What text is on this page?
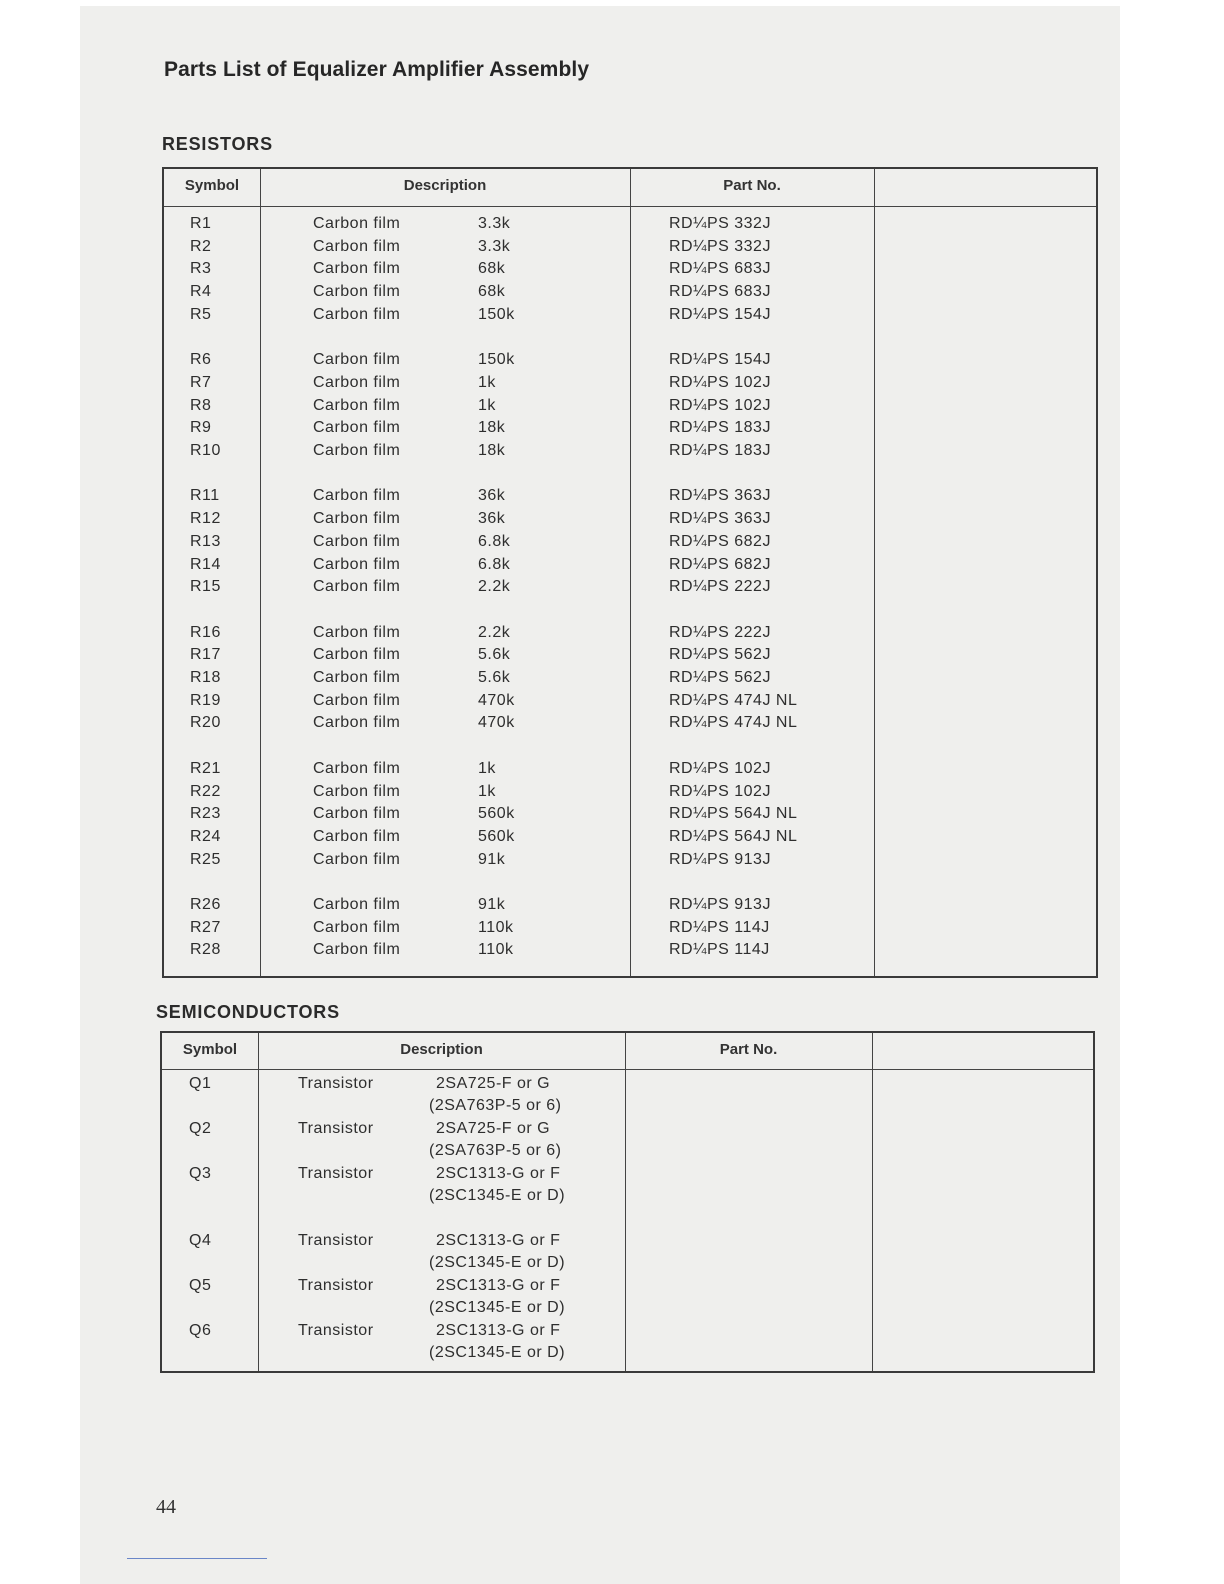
Parts List of Equalizer Amplifier Assembly
RESISTORS
Symbol	Description	Part No.
R1	Carbon film	3.3k	RD¼PS 332J
R2	Carbon film	3.3k	RD¼PS 332J
R3	Carbon film	68k	RD¼PS 683J
R4	Carbon film	68k	RD¼PS 683J
R5	Carbon film	150k	RD¼PS 154J
R6	Carbon film	150k	RD¼PS 154J
R7	Carbon film	1k	RD¼PS 102J
R8	Carbon film	1k	RD¼PS 102J
R9	Carbon film	18k	RD¼PS 183J
R10	Carbon film	18k	RD¼PS 183J
R11	Carbon film	36k	RD¼PS 363J
R12	Carbon film	36k	RD¼PS 363J
R13	Carbon film	6.8k	RD¼PS 682J
R14	Carbon film	6.8k	RD¼PS 682J
R15	Carbon film	2.2k	RD¼PS 222J
R16	Carbon film	2.2k	RD¼PS 222J
R17	Carbon film	5.6k	RD¼PS 562J
R18	Carbon film	5.6k	RD¼PS 562J
R19	Carbon film	470k	RD¼PS 474J NL
R20	Carbon film	470k	RD¼PS 474J NL
R21	Carbon film	1k	RD¼PS 102J
R22	Carbon film	1k	RD¼PS 102J
R23	Carbon film	560k	RD¼PS 564J NL
R24	Carbon film	560k	RD¼PS 564J NL
R25	Carbon film	91k	RD¼PS 913J
R26	Carbon film	91k	RD¼PS 913J
R27	Carbon film	110k	RD¼PS 114J
R28	Carbon film	110k	RD¼PS 114J
SEMICONDUCTORS
Symbol	Description	Part No.
Q1	Transistor	2SA725-F or G
(2SA763P-5 or 6)
Q2	Transistor	2SA725-F or G
(2SA763P-5 or 6)
Q3	Transistor	2SC1313-G or F
(2SC1345-E or D)
Q4	Transistor	2SC1313-G or F
(2SC1345-E or D)
Q5	Transistor	2SC1313-G or F
(2SC1345-E or D)
Q6	Transistor	2SC1313-G or F
(2SC1345-E or D)
44
